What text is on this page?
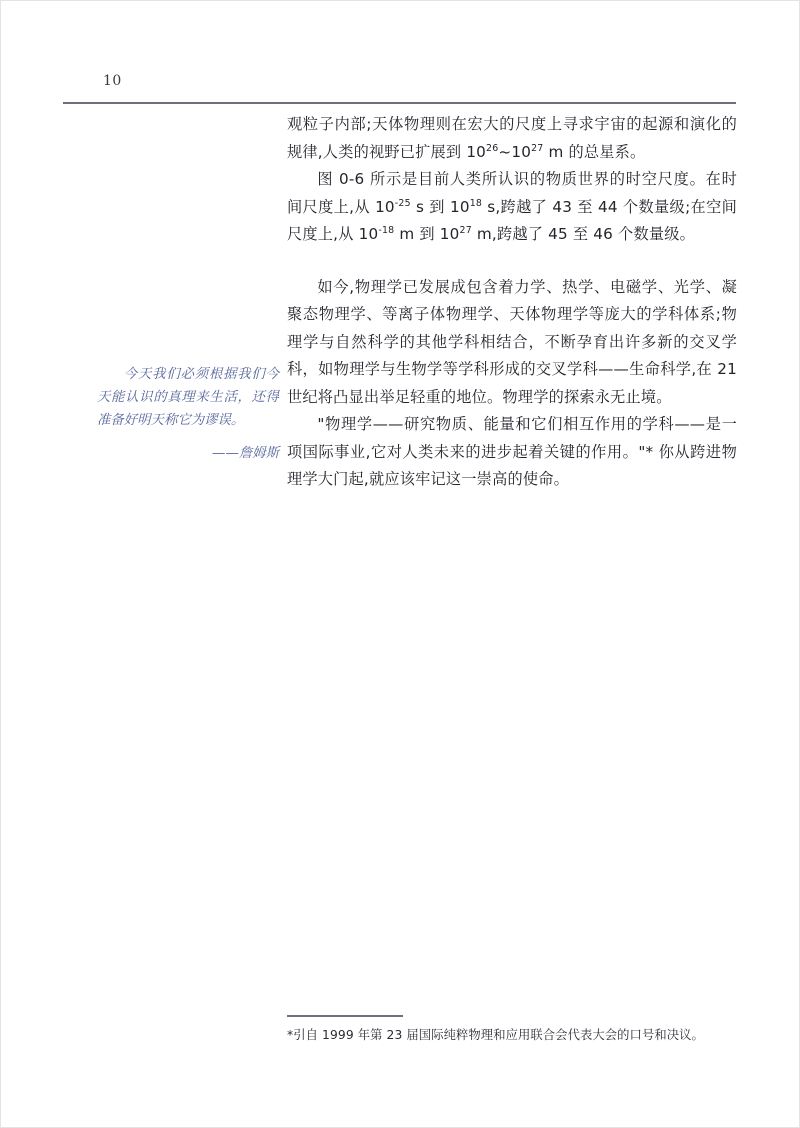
10

观粒子内部;天体物理则在宏大的尺度上寻求宇宙的起源和演化的规律,人类的视野已扩展到 $10^{26}\sim 10^{27}$ m 的总星系。

图 0-6 所示是目前人类所认识的物质世界的时空尺度。在时间尺度上,从 $10^{-25}$ s 到 $10^{18}$ s,跨越了 43 至 44 个数量级;在空间尺度上,从 $10^{-18}$ m 到 $10^{27}$ m,跨越了 45 至 46 个数量级。

如今,物理学已发展成包含着力学、热学、电磁学、光学、凝聚态物理学、等离子体物理学、天体物理学等庞大的学科体系;物理学与自然科学的其他学科相结合，不断孕育出许多新的交叉学科，如物理学与生物学等学科形成的交叉学科——生命科学,在 21 世纪将凸显出举足轻重的地位。物理学的探索永无止境。

"物理学——研究物质、能量和它们相互作用的学科——是一项国际事业,它对人类未来的进步起着关键的作用。"* 你从跨进物理学大门起,就应该牢记这一崇高的使命。

今天我们必须根据我们今天能认识的真理来生活，还得准备好明天称它为谬误。
——詹姆斯
*引自 1999 年第 23 届国际纯粹物理和应用联合会代表大会的口号和决议。
